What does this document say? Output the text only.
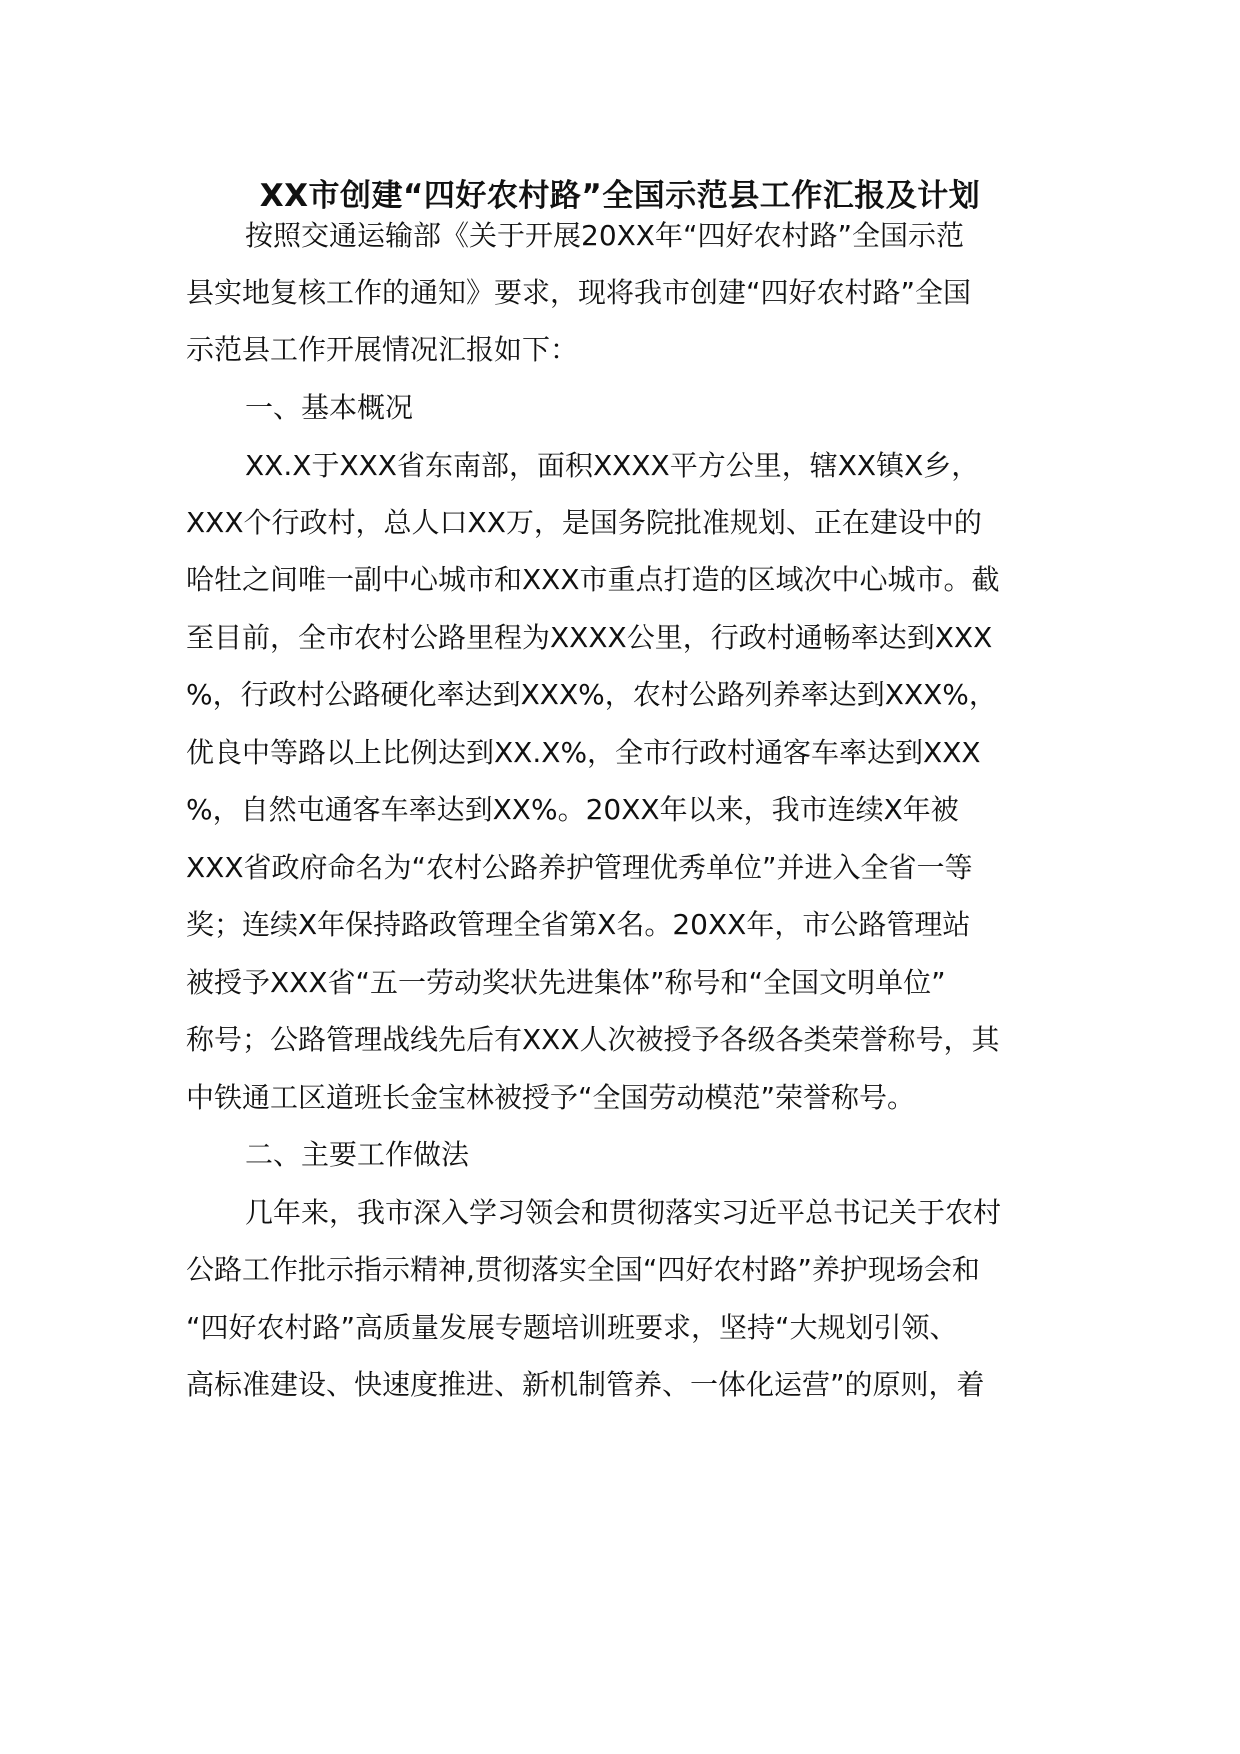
XX市创建“四好农村路”全国示范县工作汇报及计划

按照交通运输部《关于开展20XX年“四好农村路”全国示范

县实地复核工作的通知》要求，现将我市创建“四好农村路”全国

示范县工作开展情况汇报如下：

一、基本概况

XX.X于XXX省东南部，面积XXXX平方公里，辖XX镇X乡，

XXX个行政村，总人口XX万，是国务院批准规划、正在建设中的

哈牡之间唯一副中心城市和XXX市重点打造的区域次中心城市。截

至目前，全市农村公路里程为XXXX公里，行政村通畅率达到XXX

%，行政村公路硬化率达到XXX%，农村公路列养率达到XXX%，

优良中等路以上比例达到XX.X%，全市行政村通客车率达到XXX

%，自然屯通客车率达到XX%。20XX年以来，我市连续X年被

XXX省政府命名为“农村公路养护管理优秀单位”并进入全省一等

奖；连续X年保持路政管理全省第X名。20XX年，市公路管理站

被授予XXX省“五一劳动奖状先进集体”称号和“全国文明单位”

称号；公路管理战线先后有XXX人次被授予各级各类荣誉称号，其

中铁通工区道班长金宝林被授予“全国劳动模范”荣誉称号。

二、主要工作做法

几年来，我市深入学习领会和贯彻落实习近平总书记关于农村

公路工作批示指示精神,贯彻落实全国“四好农村路”养护现场会和

“四好农村路”高质量发展专题培训班要求，坚持“大规划引领、

高标准建设、快速度推进、新机制管养、一体化运营”的原则，着
